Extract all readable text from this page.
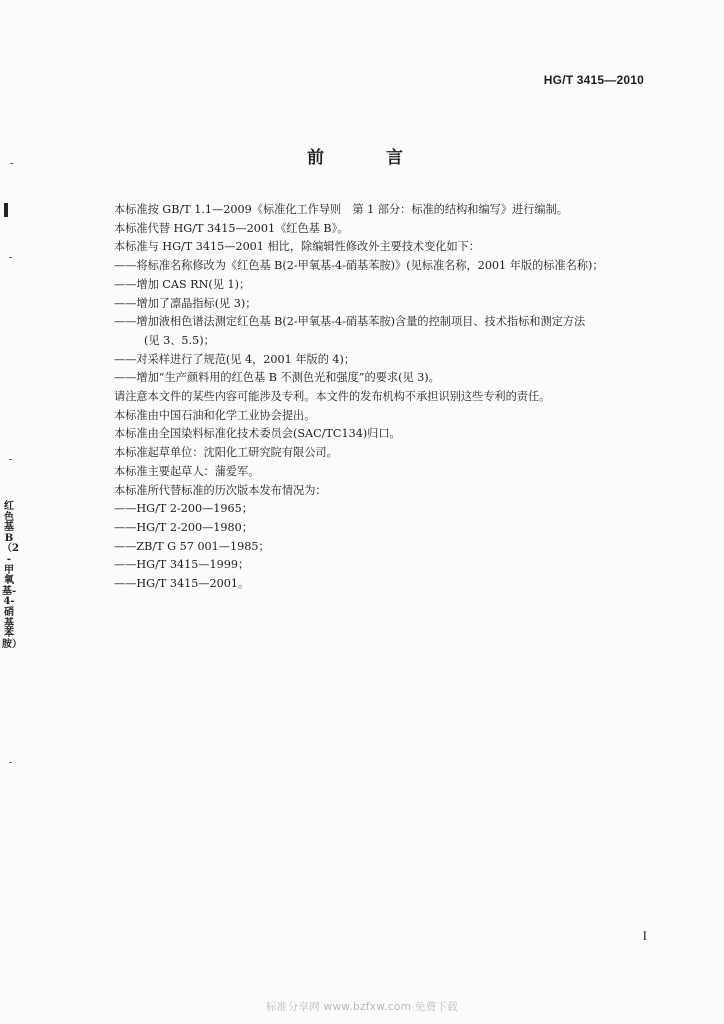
HG/T 3415—2010
前 言
本标准按 GB/T 1.1—2009《标准化工作导则　第 1 部分：标准的结构和编写》进行编制。
本标准代替 HG/T 3415—2001《红色基 B》。
本标准与 HG/T 3415—2001 相比，除编辑性修改外主要技术变化如下：
——将标准名称修改为《红色基 B(2-甲氧基-4-硝基苯胺)》(见标准名称，2001 年版的标准名称)；
——增加 CAS RN(见 1)；
——增加了凛晶指标(见 3)；
——增加液相色谱法测定红色基 B(2-甲氧基-4-硝基苯胺)含量的控制项目、技术指标和测定方法
(见 3、5.5)；
——对采样进行了规范(见 4，2001 年版的 4)；
——增加“生产颜料用的红色基 B 不测色光和强度”的要求(见 3)。
请注意本文件的某些内容可能涉及专利。本文件的发布机构不承担识别这些专利的责任。
本标准由中国石油和化学工业协会提出。
本标准由全国染料标准化技术委员会(SAC/TC134)归口。
本标准起草单位：沈阳化工研究院有限公司。
本标准主要起草人：蒲爱军。
本标准所代替标准的历次版本发布情况为：
——HG/T 2-200—1965；
——HG/T 2-200—1980；
——ZB/T G 57 001—1985；
——HG/T 3415—1999；
——HG/T 3415—2001。
红色基B（2-甲氧基-4-硝基苯胺）
I
标准分享网 www.bzfxw.com 免费下载
